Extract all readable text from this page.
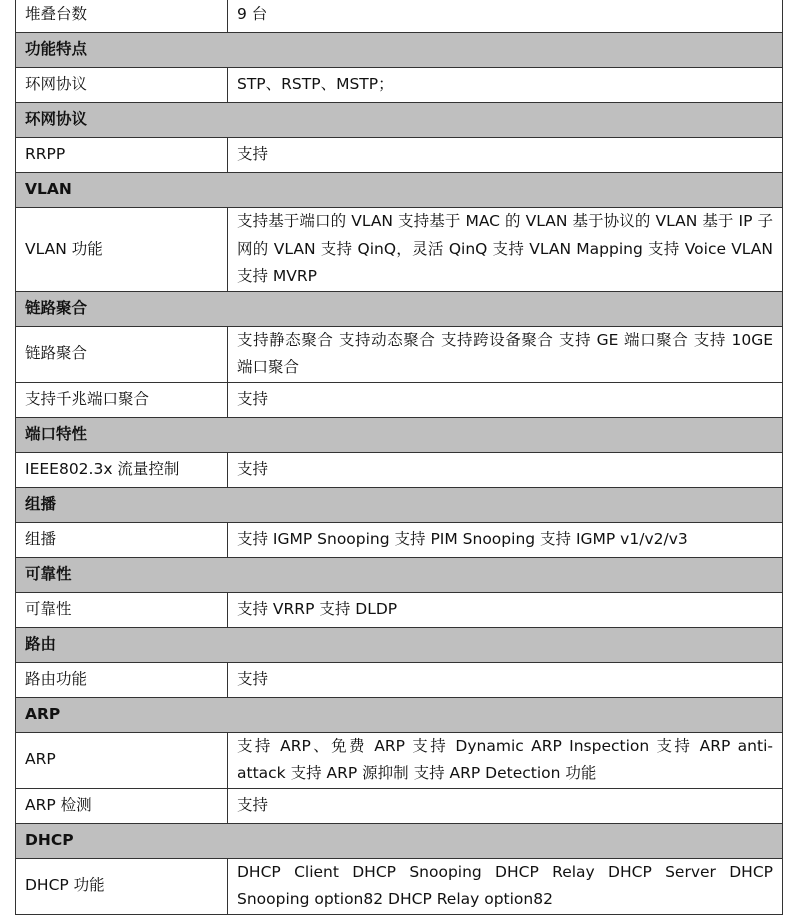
堆叠台数	9 台
功能特点	
环网协议	STP、RSTP、MSTP；
环网协议	
RRPP	支持
VLAN	
VLAN 功能	支持基于端口的 VLAN 支持基于 MAC 的 VLAN 基于协议的 VLAN 基于 IP 子网的 VLAN 支持 QinQ，灵活 QinQ 支持 VLAN Mapping 支持 Voice VLAN 支持 MVRP
链路聚合	
链路聚合	支持静态聚合 支持动态聚合 支持跨设备聚合 支持 GE 端口聚合 支持 10GE 端口聚合
支持千兆端口聚合	支持
端口特性	
IEEE802.3x 流量控制	支持
组播	
组播	支持 IGMP Snooping 支持 PIM Snooping 支持 IGMP v1/v2/v3
可靠性	
可靠性	支持 VRRP 支持 DLDP
路由	
路由功能	支持
ARP	
ARP	支持 ARP、免费 ARP 支持 Dynamic ARP Inspection 支持 ARP anti-attack 支持 ARP 源抑制 支持 ARP Detection 功能
ARP 检测	支持
DHCP	
DHCP 功能	DHCP Client DHCP Snooping DHCP Relay DHCP Server DHCP Snooping option82 DHCP Relay option82
